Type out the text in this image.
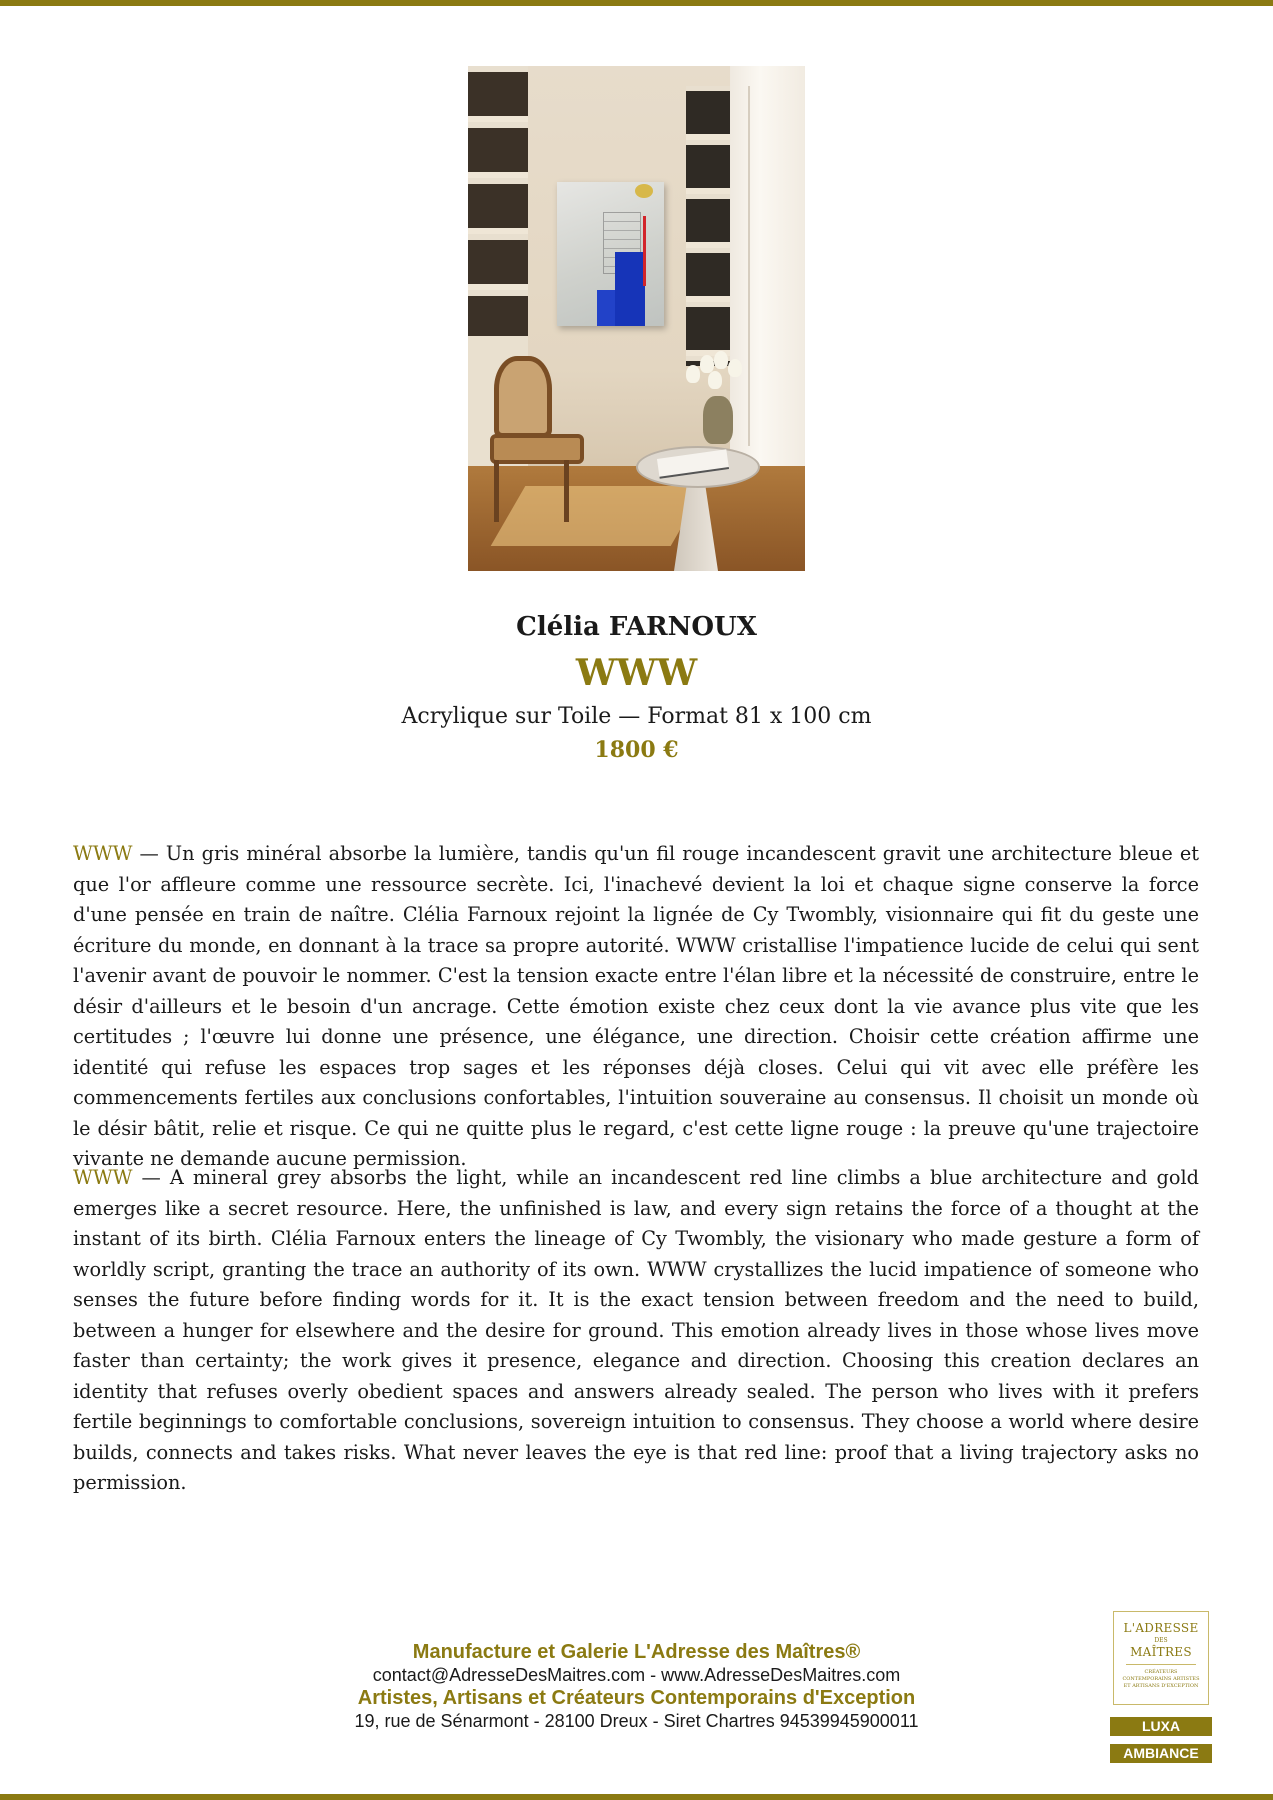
Clélia FARNOUX
WWW
Acrylique sur Toile — Format 81 x 100 cm
1800 €

WWW — Un gris minéral absorbe la lumière, tandis qu'un fil rouge incandescent gravit une architecture bleue et que l'or affleure comme une ressource secrète. Ici, l'inachevé devient la loi et chaque signe conserve la force d'une pensée en train de naître. Clélia Farnoux rejoint la lignée de Cy Twombly, visionnaire qui fit du geste une écriture du monde, en donnant à la trace sa propre autorité. WWW cristallise l'impatience lucide de celui qui sent l'avenir avant de pouvoir le nommer. C'est la tension exacte entre l'élan libre et la nécessité de construire, entre le désir d'ailleurs et le besoin d'un ancrage. Cette émotion existe chez ceux dont la vie avance plus vite que les certitudes ; l'œuvre lui donne une présence, une élégance, une direction. Choisir cette création affirme une identité qui refuse les espaces trop sages et les réponses déjà closes. Celui qui vit avec elle préfère les commencements fertiles aux conclusions confortables, l'intuition souveraine au consensus. Il choisit un monde où le désir bâtit, relie et risque. Ce qui ne quitte plus le regard, c'est cette ligne rouge : la preuve qu'une trajectoire vivante ne demande aucune permission.

WWW — A mineral grey absorbs the light, while an incandescent red line climbs a blue architecture and gold emerges like a secret resource. Here, the unfinished is law, and every sign retains the force of a thought at the instant of its birth. Clélia Farnoux enters the lineage of Cy Twombly, the visionary who made gesture a form of worldly script, granting the trace an authority of its own. WWW crystallizes the lucid impatience of someone who senses the future before finding words for it. It is the exact tension between freedom and the need to build, between a hunger for elsewhere and the desire for ground. This emotion already lives in those whose lives move faster than certainty; the work gives it presence, elegance and direction. Choosing this creation declares an identity that refuses overly obedient spaces and answers already sealed. The person who lives with it prefers fertile beginnings to comfortable conclusions, sovereign intuition to consensus. They choose a world where desire builds, connects and takes risks. What never leaves the eye is that red line: proof that a living trajectory asks no permission.

Manufacture et Galerie L'Adresse des Maîtres®
contact@AdresseDesMaitres.com - www.AdresseDesMaitres.com
Artistes, Artisans et Créateurs Contemporains d'Exception
19, rue de Sénarmont - 28100 Dreux - Siret Chartres 94539945900011
L'ADRESSE
DES
MAÎTRES
CRÉATEURS CONTEMPORAINS ARTISTES ET ARTISANS D'EXCEPTION
LUXA
AMBIANCE
